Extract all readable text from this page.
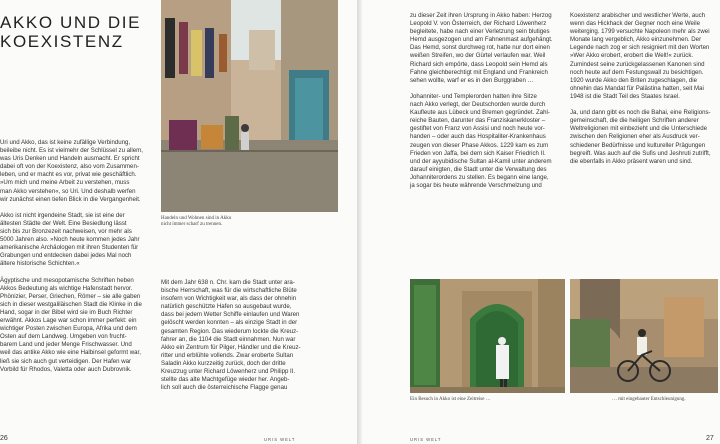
AKKO UND DIE
KOEXISTENZ

Uri und Akko, das ist keine zufällige Verbindung,
beileibe nicht. Es ist vielmehr der Schlüssel zu allem,
was Uris Denken und Handeln ausmacht. Er spricht
dabei oft von der Koexistenz, also vom Zusammen-
leben, und er macht es vor, privat wie geschäftlich.
»Um mich und meine Arbeit zu verstehen, muss
man Akko verstehen«, so Uri. Und deshalb werfen
wir zunächst einen tiefen Blick in die Vergangenheit.

Akko ist nicht irgendeine Stadt, sie ist eine der
ältesten Städte der Welt. Eine Besiedlung lässt
sich bis zur Bronzezeit nachweisen, vor mehr als
5000 Jahren also. »Noch heute kommen jedes Jahr
amerikanische Archäologen mit ihren Studenten für
Grabungen und entdecken dabei jedes Mal noch
ältere historische Schichten.«

Ägyptische und mesopotamische Schriften heben
Akkos Bedeutung als wichtige Hafenstadt hervor.
Phönizier, Perser, Griechen, Römer – sie alle gaben
sich in dieser westgaliläischen Stadt die Klinke in die
Hand, sogar in der Bibel wird sie im Buch Richter
erwähnt. Akkos Lage war schon immer perfekt: ein
wichtiger Posten zwischen Europa, Afrika und dem
Osten auf dem Landweg. Umgeben von frucht-
barem Land und jeder Menge Frischwasser. Und
weil das antike Akko wie eine Halbinsel geformt war,
ließ sie sich auch gut verteidigen. Der Hafen war
Vorbild für Rhodos, Valetta oder auch Dubrovnik.

Handeln und Wohnen sind in Akko
nicht immer scharf zu trennen.

Mit dem Jahr 638 n. Chr. kam die Stadt unter ara-
bische Herrschaft, was für die wirtschaftliche Blüte
insofern von Wichtigkeit war, als dass der ohnehin
natürlich geschützte Hafen so ausgebaut wurde,
dass bei jedem Wetter Schiffe einlaufen und Waren
gelöscht werden konnten – als einzige Stadt in der
gesamten Region. Das wiederum lockte die Kreuz-
fahrer an, die 1104 die Stadt einnahmen. Nun war
Akko ein Zentrum für Pilger, Händler und die Kreuz-
ritter und erblühte vollends. Zwar eroberte Sultan
Saladin Akko kurzzeitig zurück, doch der dritte
Kreuzzug unter Richard Löwenherz und Philipp II.
stellte das alte Machtgefüge wieder her. Angeb-
lich soll auch die österreichische Flagge genau

26	URIS WELT

zu dieser Zeit ihren Ursprung in Akko haben: Herzog
Leopold V. von Österreich, der Richard Löwenherz
begleitete, habe nach einer Verletzung sein blutiges
Hemd ausgezogen und am Fahnenmast aufgehängt.
Das Hemd, sonst durchweg rot, hatte nur dort einen
weißen Streifen, wo der Gürtel verlaufen war. Weil
Richard sich empörte, dass Leopold sein Hemd als
Fahne gleichberechtigt mit England und Frankreich
sehen wollte, warf er es in den Burggraben …

Johanniter- und Templerorden hatten ihre Sitze
nach Akko verlegt, der Deutschorden wurde durch
Kaufleute aus Lübeck und Bremen gegründet. Zahl-
reiche Bauten, darunter das Franziskanerkloster –
gestiftet von Franz von Assisi und noch heute vor-
handen – oder auch das Hospitaliter-Krankenhaus
zeugen von dieser Phase Akkos. 1229 kam es zum
Frieden von Jaffa, bei dem sich Kaiser Friedrich II.
und der ayyubidische Sultan al-Kamil unter anderem
darauf einigten, die Stadt unter die Verwaltung des
Johanniterordens zu stellen. Es begann eine lange,
ja sogar bis heute währende Verschmelzung und

Koexistenz arabischer und westlicher Werte, auch
wenn das Hickhack der Gegner noch eine Weile
weiterging. 1799 versuchte Napoleon mehr als zwei
Monate lang vergeblich, Akko einzunehmen. Der
Legende nach zog er sich resigniert mit den Worten
»Wer Akko erobert, erobert die Welt!« zurück.
Zumindest seine zurückgelassenen Kanonen sind
noch heute auf dem Festungswall zu besichtigen.
1920 wurde Akko den Briten zugeschlagen, die
ohnehin das Mandat für Palästina hatten, seit Mai
1948 ist die Stadt Teil des Staates Israel.

Ja, und dann gibt es noch die Bahai, eine Religions-
gemeinschaft, die die heiligen Schriften anderer
Weltreligionen mit einbezieht und die Unterschiede
zwischen den Religionen eher als Ausdruck ver-
schiedener Bedürfnisse und kultureller Prägungen
begreift. Was auch auf die Sufis und Jeshruti zutrifft,
die ebenfalls in Akko präsent waren und sind.

Ein Besuch in Akko ist eine Zeitreise …	… mit eingebauter Entschleunigung.
URIS WELT	27
